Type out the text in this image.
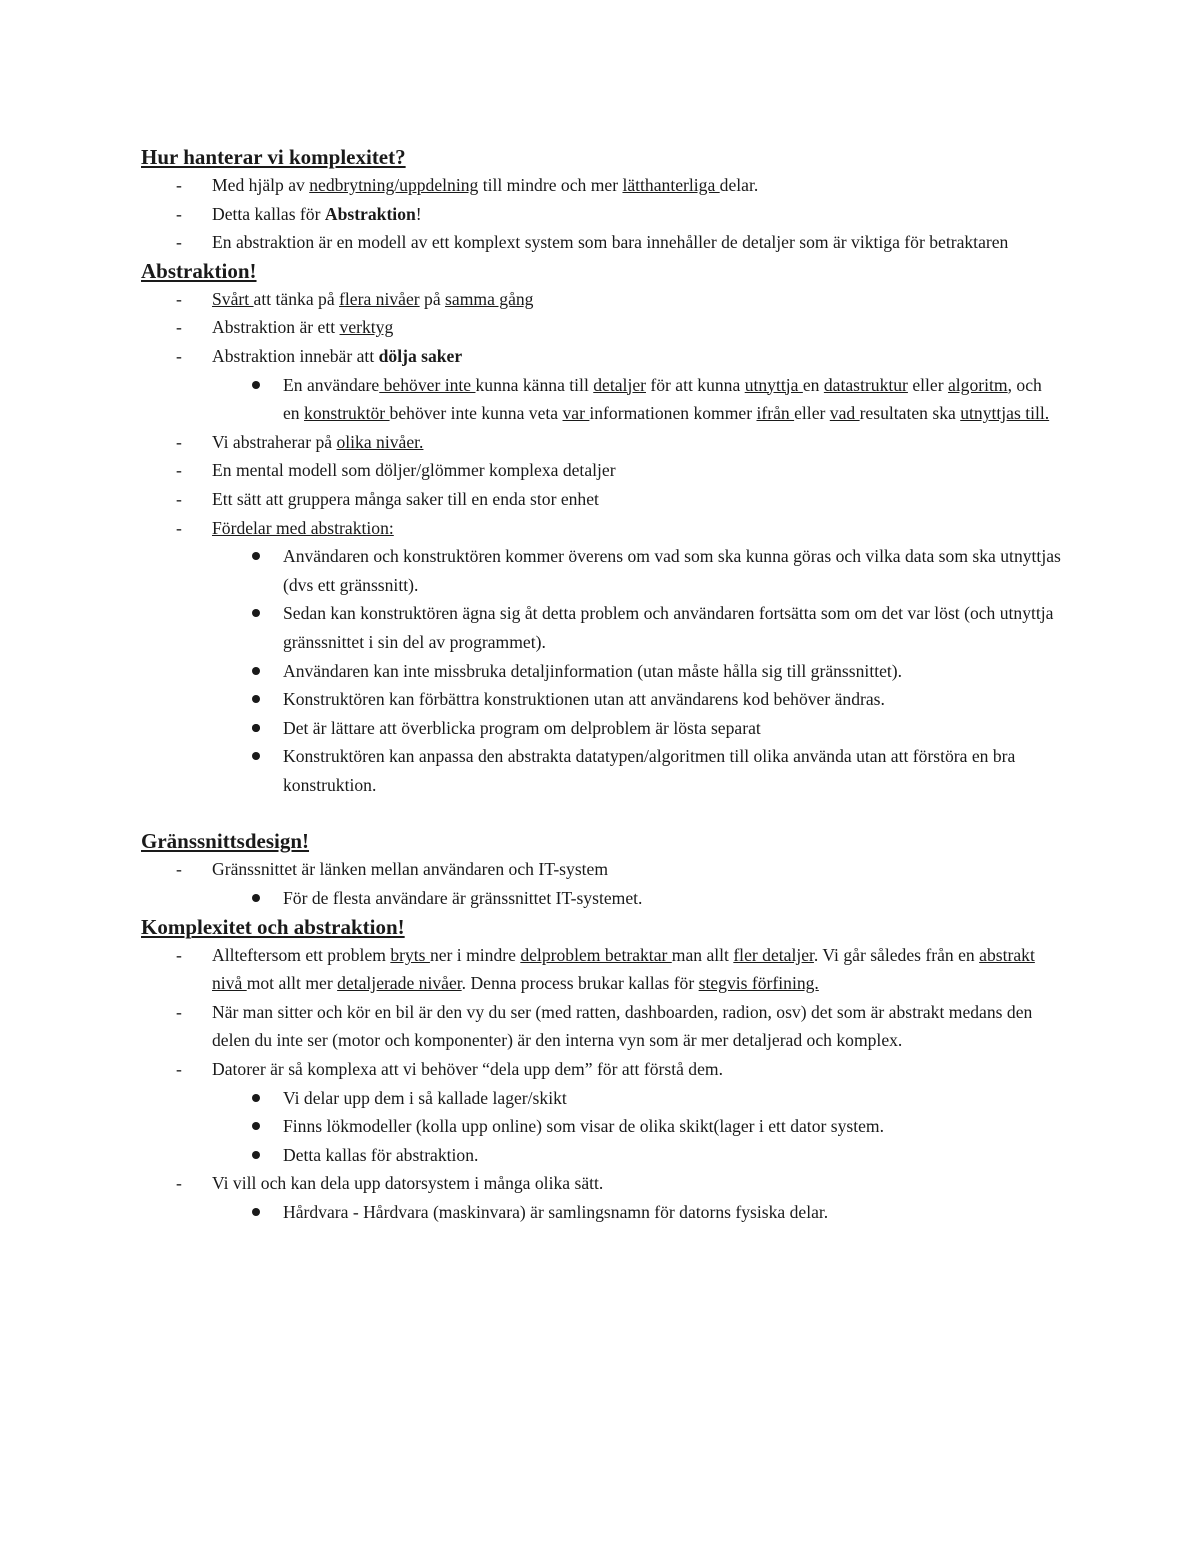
Hur hanterar vi komplexitet?
- Med hjälp av nedbrytning/uppdelning till mindre och mer lätthanterliga delar.
- Detta kallas för Abstraktion!
- En abstraktion är en modell av ett komplext system som bara innehåller de detaljer som är viktiga för betraktaren
Abstraktion!
- Svårt att tänka på flera nivåer på samma gång
- Abstraktion är ett verktyg
- Abstraktion innebär att dölja saker
En användare behöver inte kunna känna till detaljer för att kunna utnyttja en datastruktur eller algoritm, och en konstruktör behöver inte kunna veta var informationen kommer ifrån eller vad resultaten ska utnyttjas till.
- Vi abstraherar på olika nivåer.
- En mental modell som döljer/glömmer komplexa detaljer
- Ett sätt att gruppera många saker till en enda stor enhet
- Fördelar med abstraktion:
Användaren och konstruktören kommer överens om vad som ska kunna göras och vilka data som ska utnyttjas (dvs ett gränssnitt).
Sedan kan konstruktören ägna sig åt detta problem och användaren fortsätta som om det var löst (och utnyttja gränssnittet i sin del av programmet).
Användaren kan inte missbruka detaljinformation (utan måste hålla sig till gränssnittet).
Konstruktören kan förbättra konstruktionen utan att användarens kod behöver ändras.
Det är lättare att överblicka program om delproblem är lösta separat
Konstruktören kan anpassa den abstrakta datatypen/algoritmen till olika använda utan att förstöra en bra konstruktion.
Gränssnittsdesign!
- Gränssnittet är länken mellan användaren och IT-system
För de flesta användare är gränssnittet IT-systemet.
Komplexitet och abstraktion!
- Allteftersom ett problem bryts ner i mindre delproblem betraktar man allt fler detaljer. Vi går således från en abstrakt nivå mot allt mer detaljerade nivåer. Denna process brukar kallas för stegvis förfining.
- När man sitter och kör en bil är den vy du ser (med ratten, dashboarden, radion, osv) det som är abstrakt medans den delen du inte ser (motor och komponenter) är den interna vyn som är mer detaljerad och komplex.
- Datorer är så komplexa att vi behöver “dela upp dem” för att förstå dem.
Vi delar upp dem i så kallade lager/skikt
Finns lökmodeller (kolla upp online) som visar de olika skikt(lager i ett dator system.
Detta kallas för abstraktion.
- Vi vill och kan dela upp datorsystem i många olika sätt.
Hårdvara - Hårdvara (maskinvara) är samlingsnamn för datorns fysiska delar.
